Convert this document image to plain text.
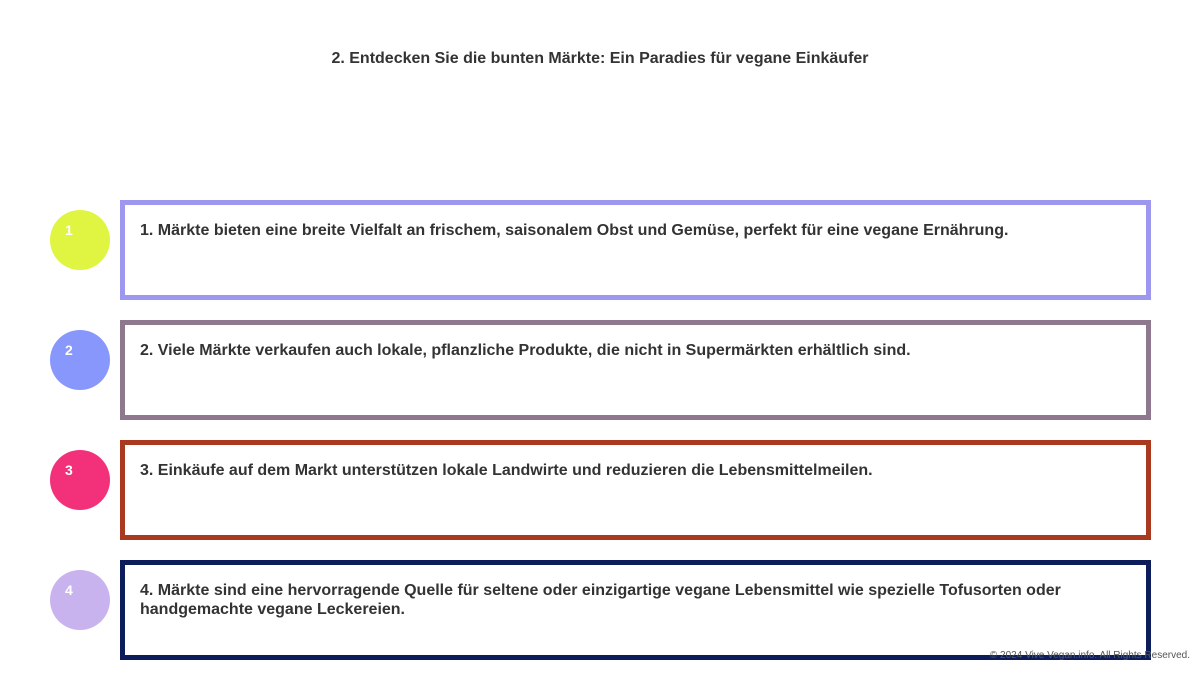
2. Entdecken Sie die bunten Märkte: Ein Paradies für vegane Einkäufer
1	1. Märkte bieten eine breite Vielfalt an frischem, saisonalem Obst und Gemüse, perfekt für eine vegane Ernährung.
2	2. Viele Märkte verkaufen auch lokale, pflanzliche Produkte, die nicht in Supermärkten erhältlich sind.
3	3. Einkäufe auf dem Markt unterstützen lokale Landwirte und reduzieren die Lebensmittelmeilen.
4	4. Märkte sind eine hervorragende Quelle für seltene oder einzigartige vegane Lebensmittel wie spezielle Tofusorten oder handgemachte vegane Leckereien.
© 2024 Vive Vegan.info. All Rights Reserved.
